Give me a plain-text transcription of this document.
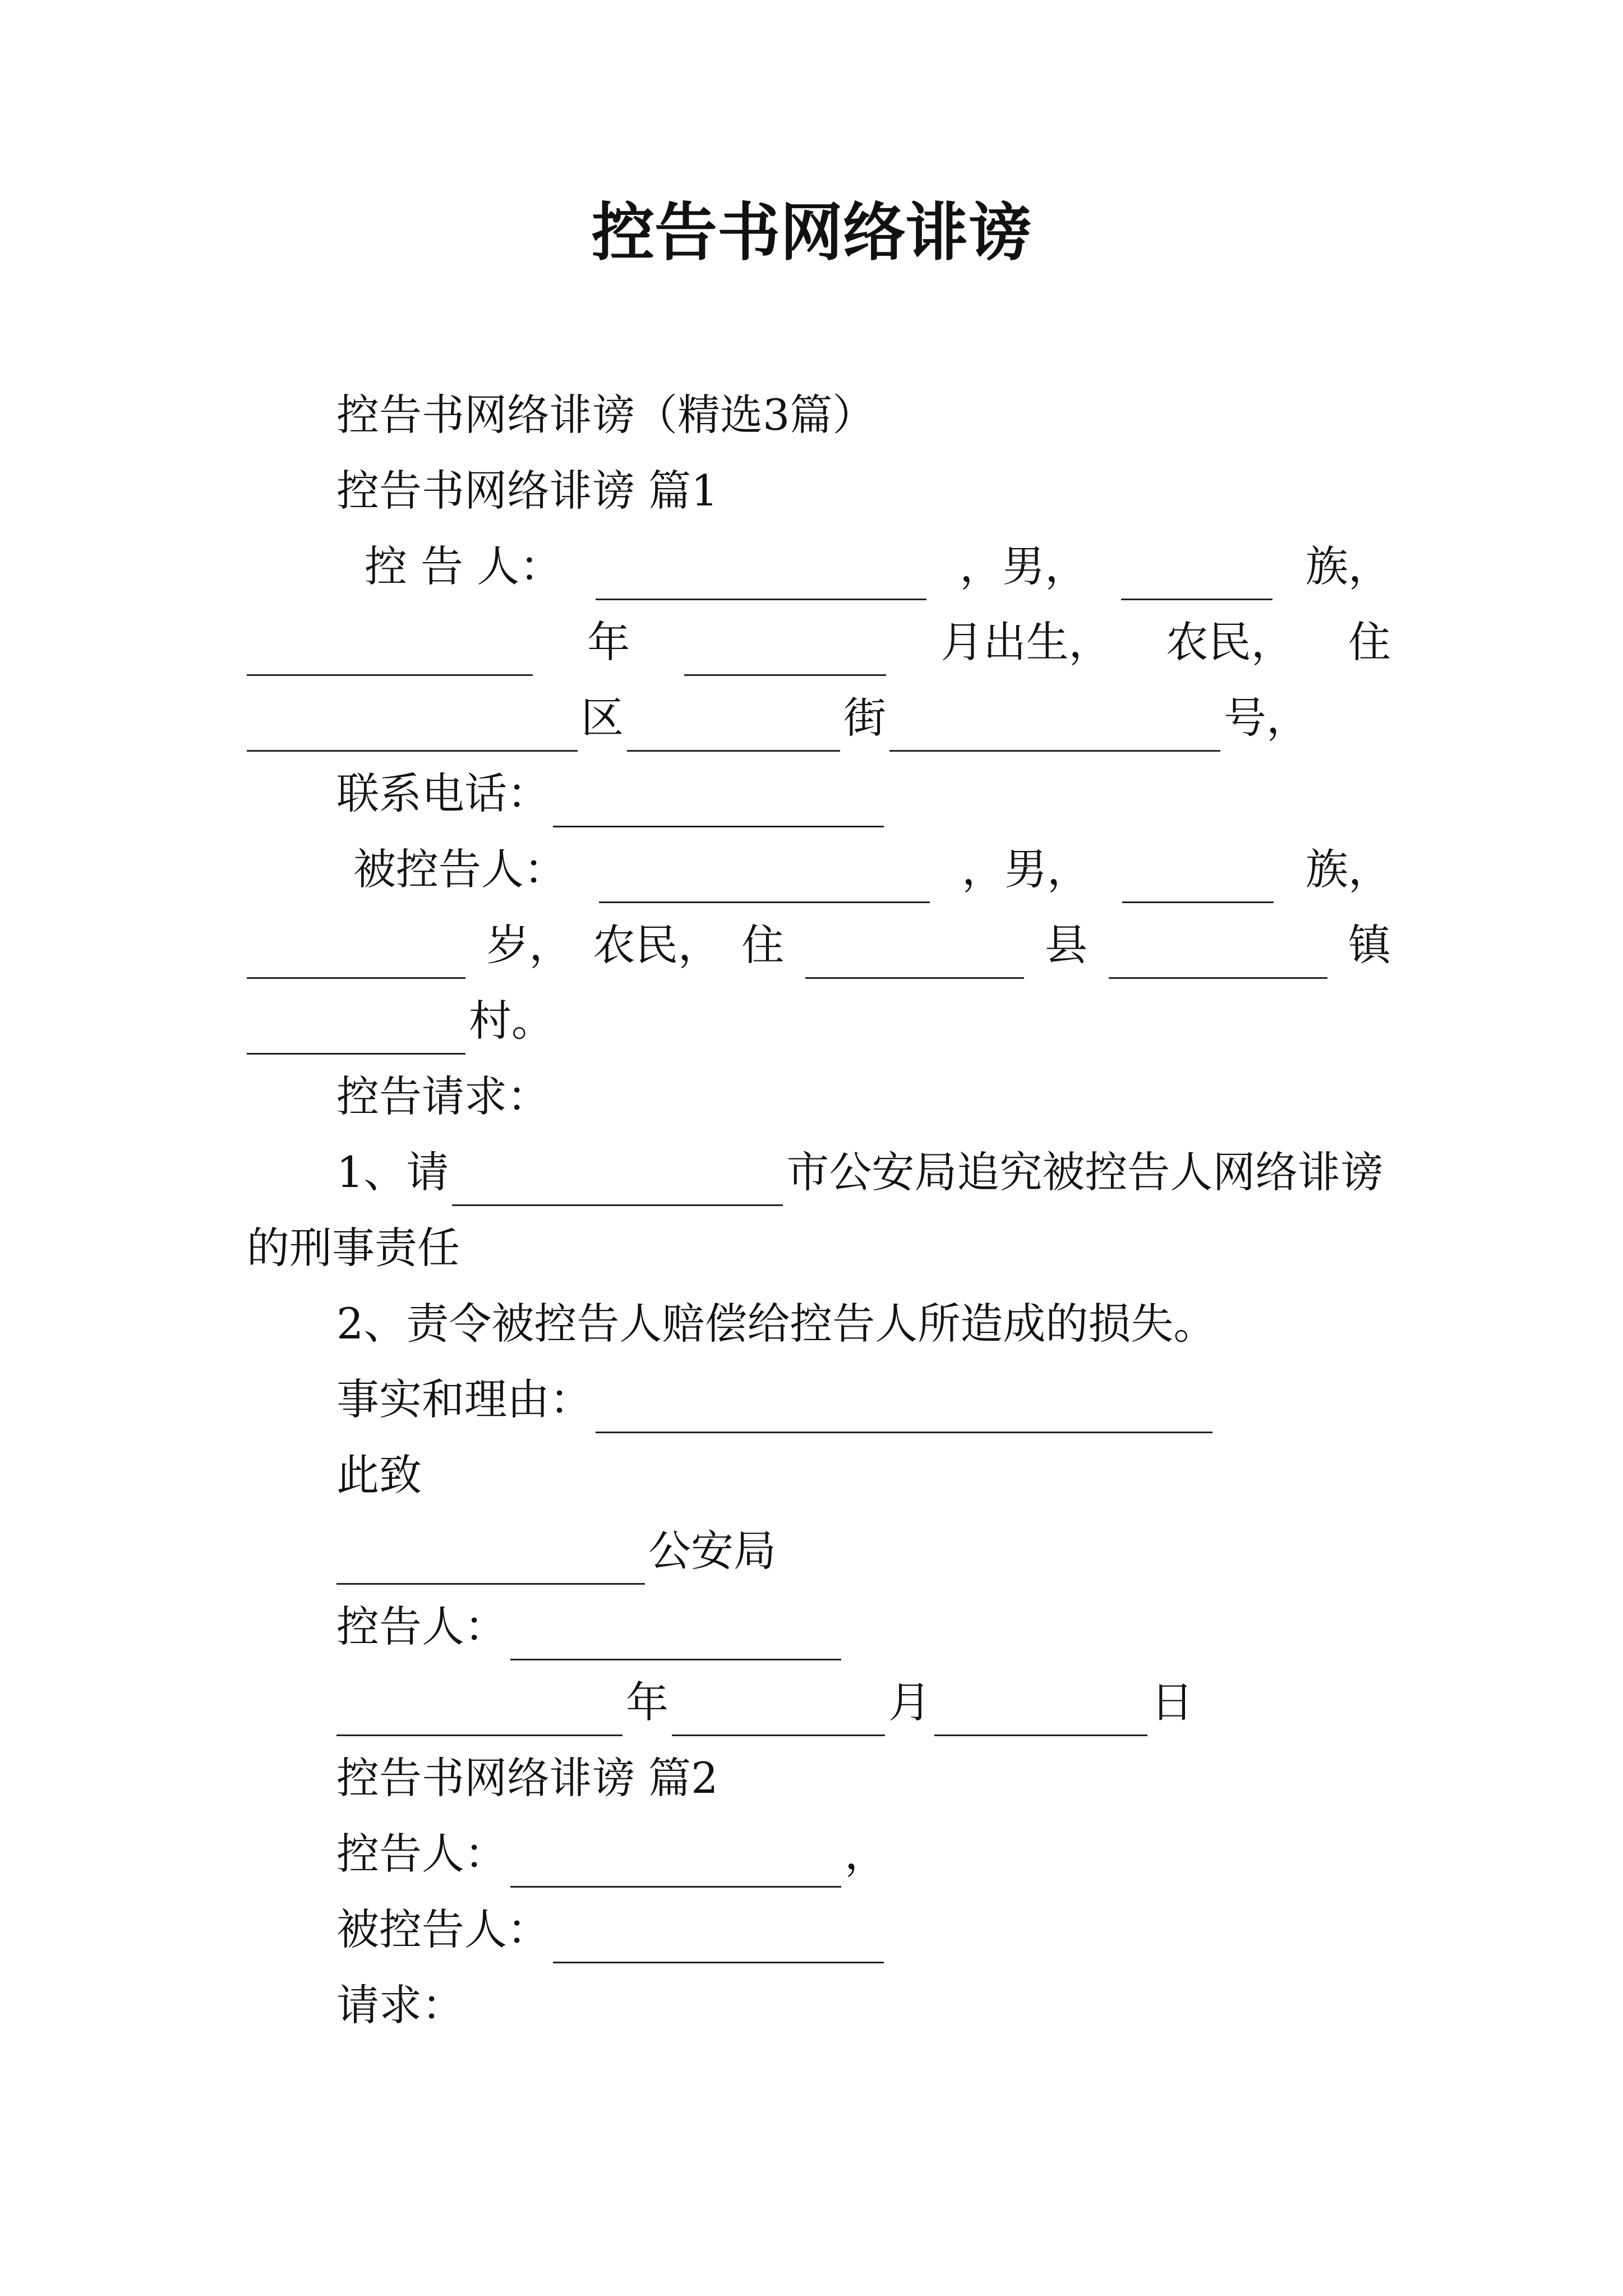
控告书网络诽谤
控告书网络诽谤（精选3篇）
控告书网络诽谤 篇1
控 告 人：	，男，	族，
年	月出生， 农民， 住
区	街	号，
联系电话：
被控告人：	，男，	族，
岁， 农民， 住	县	镇
村。
控告请求：
1、请	市公安局追究被控告人网络诽谤
的刑事责任
2、责令被控告人赔偿给控告人所造成的损失。
事实和理由：
此致
公安局
控告人：
年	月	日
控告书网络诽谤 篇2
控告人：	，
被控告人：
请求：
